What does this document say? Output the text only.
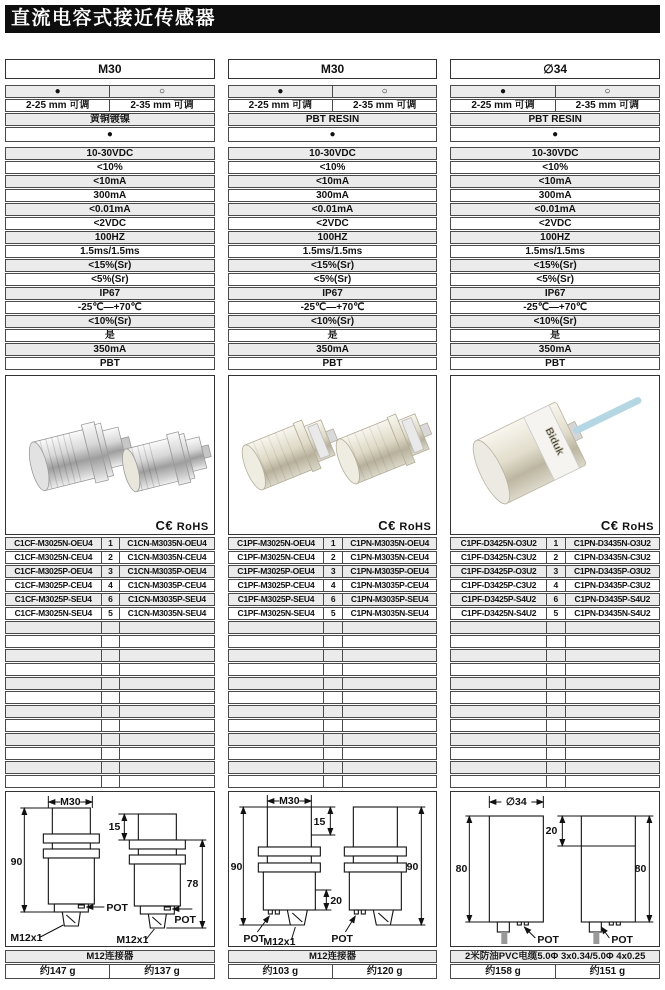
直流电容式接近传感器
M30
●	○
2-25 mm 可调	2-35 mm 可调
黄铜镀镍
●
10-30VDC
<10%
<10mA
300mA
<0.01mA
<2VDC
100HZ
1.5ms/1.5ms
<15%(Sr)
<5%(Sr)
IP67
-25℃—+70℃
<10%(Sr)
是
350mA
PBT
C€ RoHS
C1CF-M3025N-OEU4	1	C1CN-M3035N-OEU4
C1CF-M3025N-CEU4	2	C1CN-M3035N-CEU4
C1CF-M3025P-OEU4	3	C1CN-M3035P-OEU4
C1CF-M3025P-CEU4	4	C1CN-M3035P-CEU4
C1CF-M3025P-SEU4	6	C1CN-M3035P-SEU4
C1CF-M3025N-SEU4	5	C1CN-M3035N-SEU4
M30
15
90
78
POT
POT
M12x1	M12x1
M12连接器
约147 g	约137 g
M30
●	○
2-25 mm 可调	2-35 mm 可调
PBT RESIN
●
10-30VDC
<10%
<10mA
300mA
<0.01mA
<2VDC
100HZ
1.5ms/1.5ms
<15%(Sr)
<5%(Sr)
IP67
-25℃—+70℃
<10%(Sr)
是
350mA
PBT
C€ RoHS
C1PF-M3025N-OEU4	1	C1PN-M3035N-OEU4
C1PF-M3025N-CEU4	2	C1PN-M3035N-CEU4
C1PF-M3025P-OEU4	3	C1PN-M3035P-OEU4
C1PF-M3025P-CEU4	4	C1PN-M3035P-CEU4
C1PF-M3025P-SEU4	6	C1PN-M3035P-SEU4
C1PF-M3025N-SEU4	5	C1PN-M3035N-SEU4
M30
15
20
90	90
POT	POT
M12x1
M12连接器
约103 g	约120 g
∅34
●	○
2-25 mm 可调	2-35 mm 可调
PBT RESIN
●
10-30VDC
<10%
<10mA
300mA
<0.01mA
<2VDC
100HZ
1.5ms/1.5ms
<15%(Sr)
<5%(Sr)
IP67
-25℃—+70℃
<10%(Sr)
是
350mA
PBT
Biduk
C€ RoHS
C1PF-D3425N-O3U2	1	C1PN-D3435N-O3U2
C1PF-D3425N-C3U2	2	C1PN-D3435N-C3U2
C1PF-D3425P-O3U2	3	C1PN-D3435P-O3U2
C1PF-D3425P-C3U2	4	C1PN-D3435P-C3U2
C1PF-D3425P-S4U2	6	C1PN-D3435P-S4U2
C1PF-D3425N-S4U2	5	C1PN-D3435N-S4U2
∅34
20
80	80
POT	POT
2米防油PVC电缆5.0Φ 3x0.34/5.0Φ 4x0.25
约158 g	约151 g
